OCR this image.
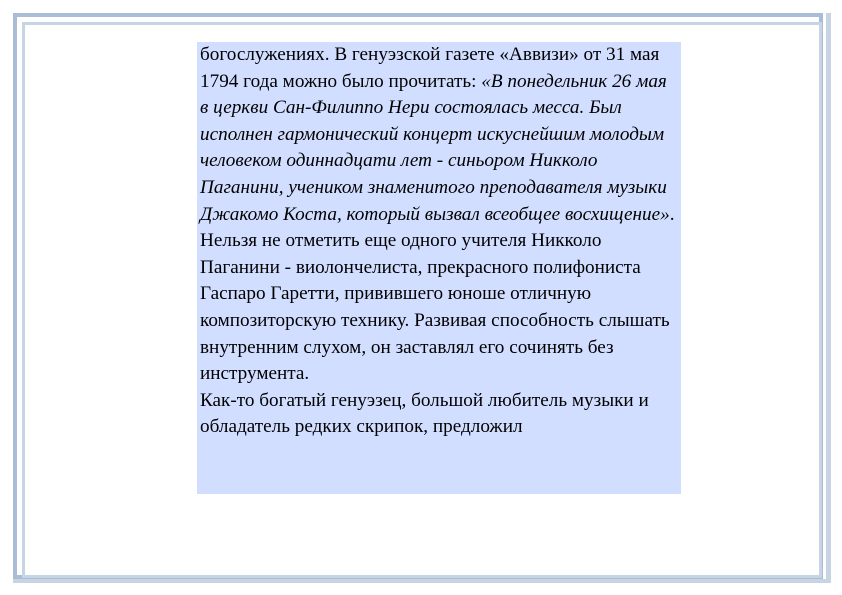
богослужениях. В генуэзской газете «Аввизи» от 31 мая 1794 года можно было прочитать: «В понедельник 26 мая в церкви Сан-Филиппо Нери состоялась месса. Был исполнен гармонический концерт искуснейшим молодым человеком одиннадцати лет - синьором Никколо Паганини, учеником знаменитого преподавателя музыки Джакомо Коста, который вызвал всеобщее восхищение». Нельзя не отметить еще одного учителя Никколо Паганини - виолончелиста, прекрасного полифониста Гаспаро Гаретти, привившего юноше отличную композиторскую технику. Развивая способность слышать внутренним слухом, он заставлял его сочинять без инструмента.

Как-то богатый генуэзец, большой любитель музыки и обладатель редких скрипок, предложил
